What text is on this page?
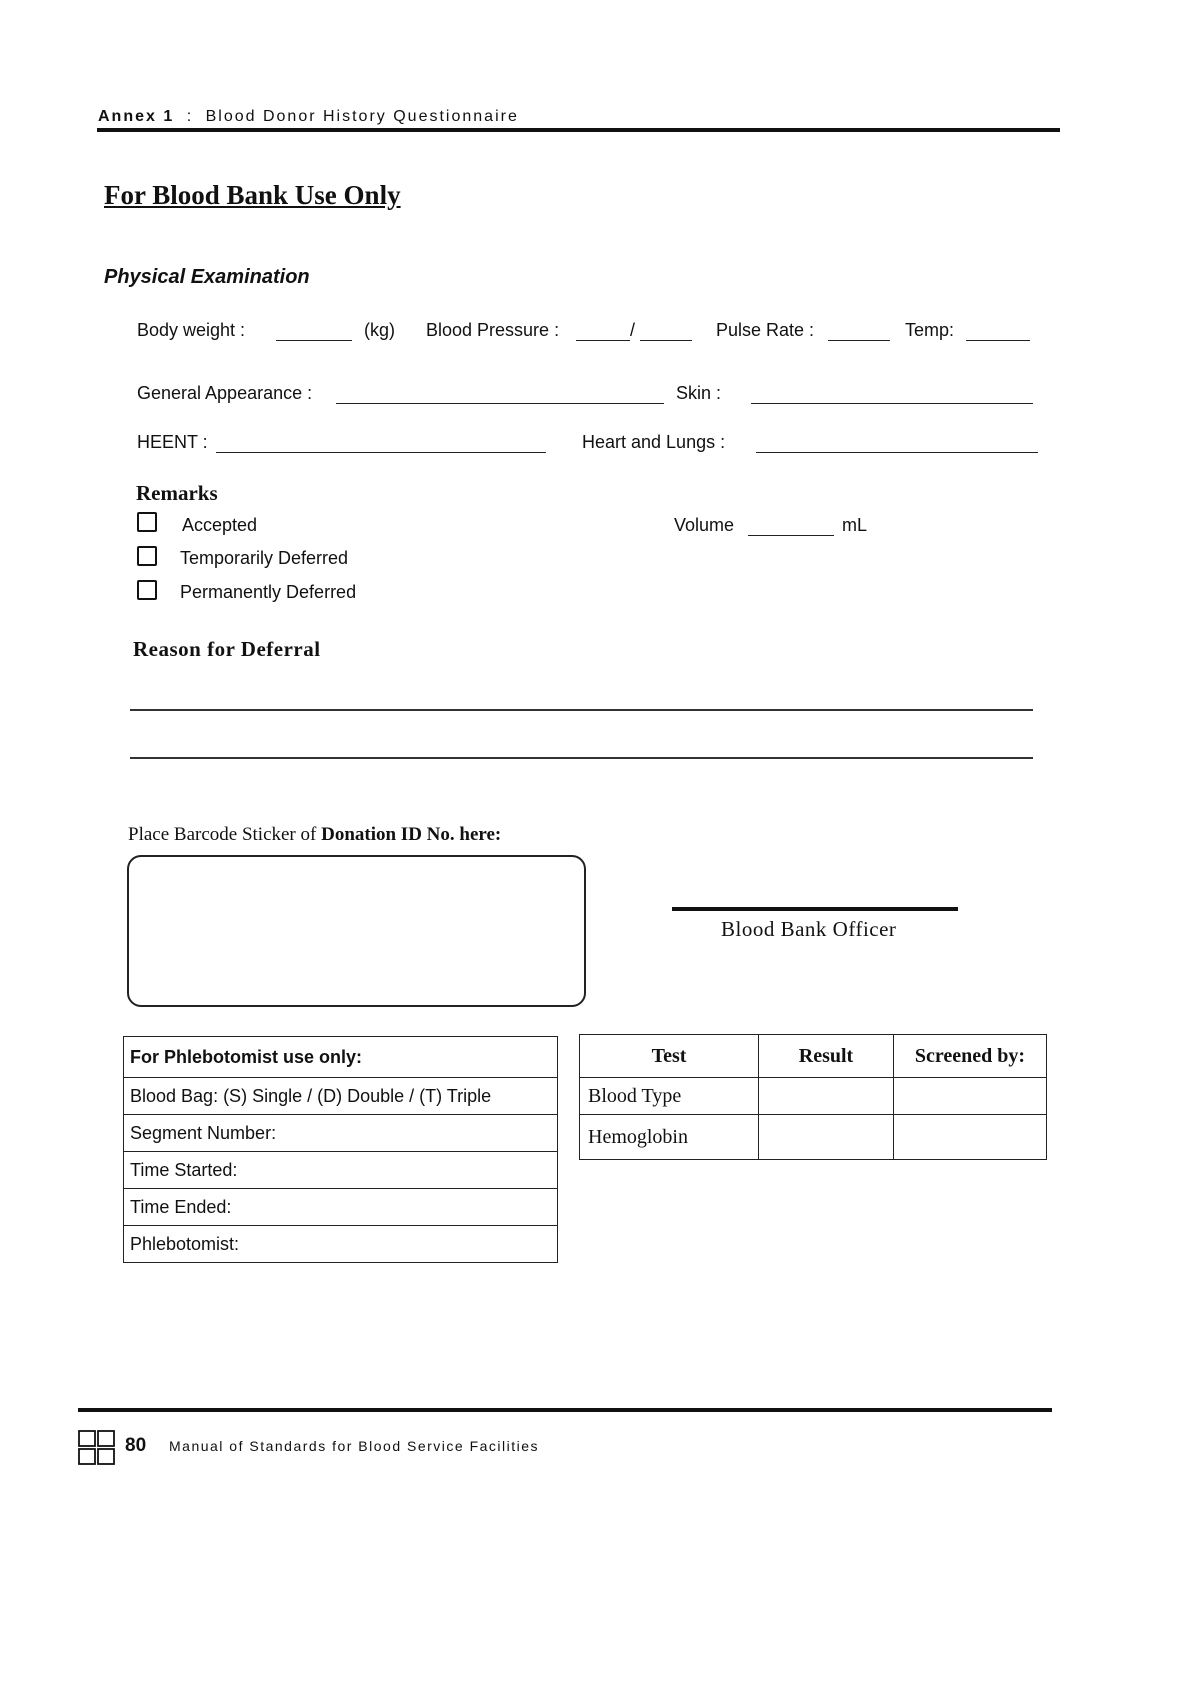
Annex 1 : Blood Donor History Questionnaire
For Blood Bank Use Only
Physical Examination
Body weight :	(kg) Blood Pressure :	/	Pulse Rate :	Temp:
General Appearance :	Skin :
HEENT :	Heart and Lungs :
Remarks
Accepted
Temporarily Deferred
Permanently Deferred
Volume	mL
Reason for Deferral
Place Barcode Sticker of Donation ID No. here:
Blood Bank Officer
For Phlebotomist use only:
Blood Bag: (S) Single / (D) Double / (T) Triple
Segment Number:
Time Started:
Time Ended:
Phlebotomist:
Test	Result	Screened by:
Blood Type		
Hemoglobin		
80 Manual of Standards for Blood Service Facilities
